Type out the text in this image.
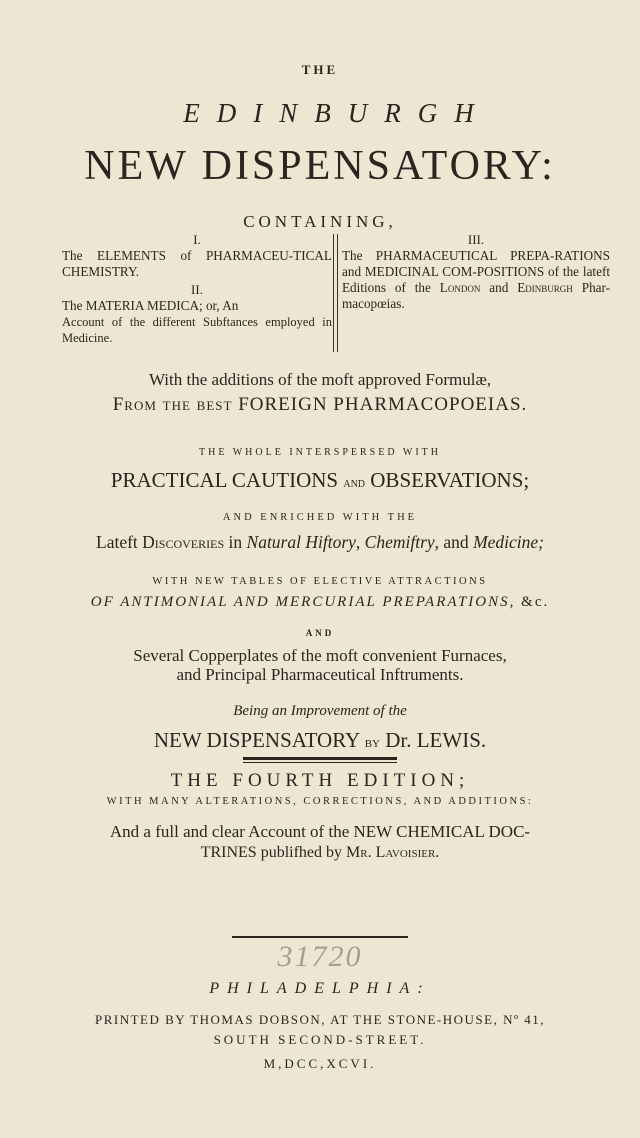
THE
EDINBURGH
NEW DISPENSATORY:
CONTAINING,
I.

The ELEMENTS of PHARMACEU-TICAL CHEMISTRY.

II.

The MATERIA MEDICA; or, An

Account of the different Subftances employed in Medicine.

III.

The PHARMACEUTICAL PREPA-RATIONS and MEDICINAL COM-POSITIONS of the lateft Editions of the London and Edinburgh Phar-macopœias.

With the additions of the moft approved Formulæ,
From the best FOREIGN PHARMACOPOEIAS.
THE WHOLE INTERSPERSED WITH
PRACTICAL CAUTIONS and OBSERVATIONS;
AND ENRICHED WITH THE
Lateft Discoveries in Natural Hiftory, Chemiftry, and Medicine;
WITH NEW TABLES OF ELECTIVE ATTRACTIONS
OF ANTIMONIAL AND MERCURIAL PREPARATIONS, &c.
AND
Several Copperplates of the moft convenient Furnaces,
and Principal Pharmaceutical Inftruments.
Being an Improvement of the
NEW DISPENSATORY by Dr. LEWIS.
THE FOURTH EDITION;
WITH MANY ALTERATIONS, CORRECTIONS, AND ADDITIONS:
And a full and clear Account of the NEW CHEMICAL DOC-
TRINES publifhed by Mr. Lavoisier.
31720
PHILADELPHIA:
PRINTED BY THOMAS DOBSON, AT THE STONE-HOUSE, Nº 41,
SOUTH SECOND-STREET.
M,DCC,XCVI.
